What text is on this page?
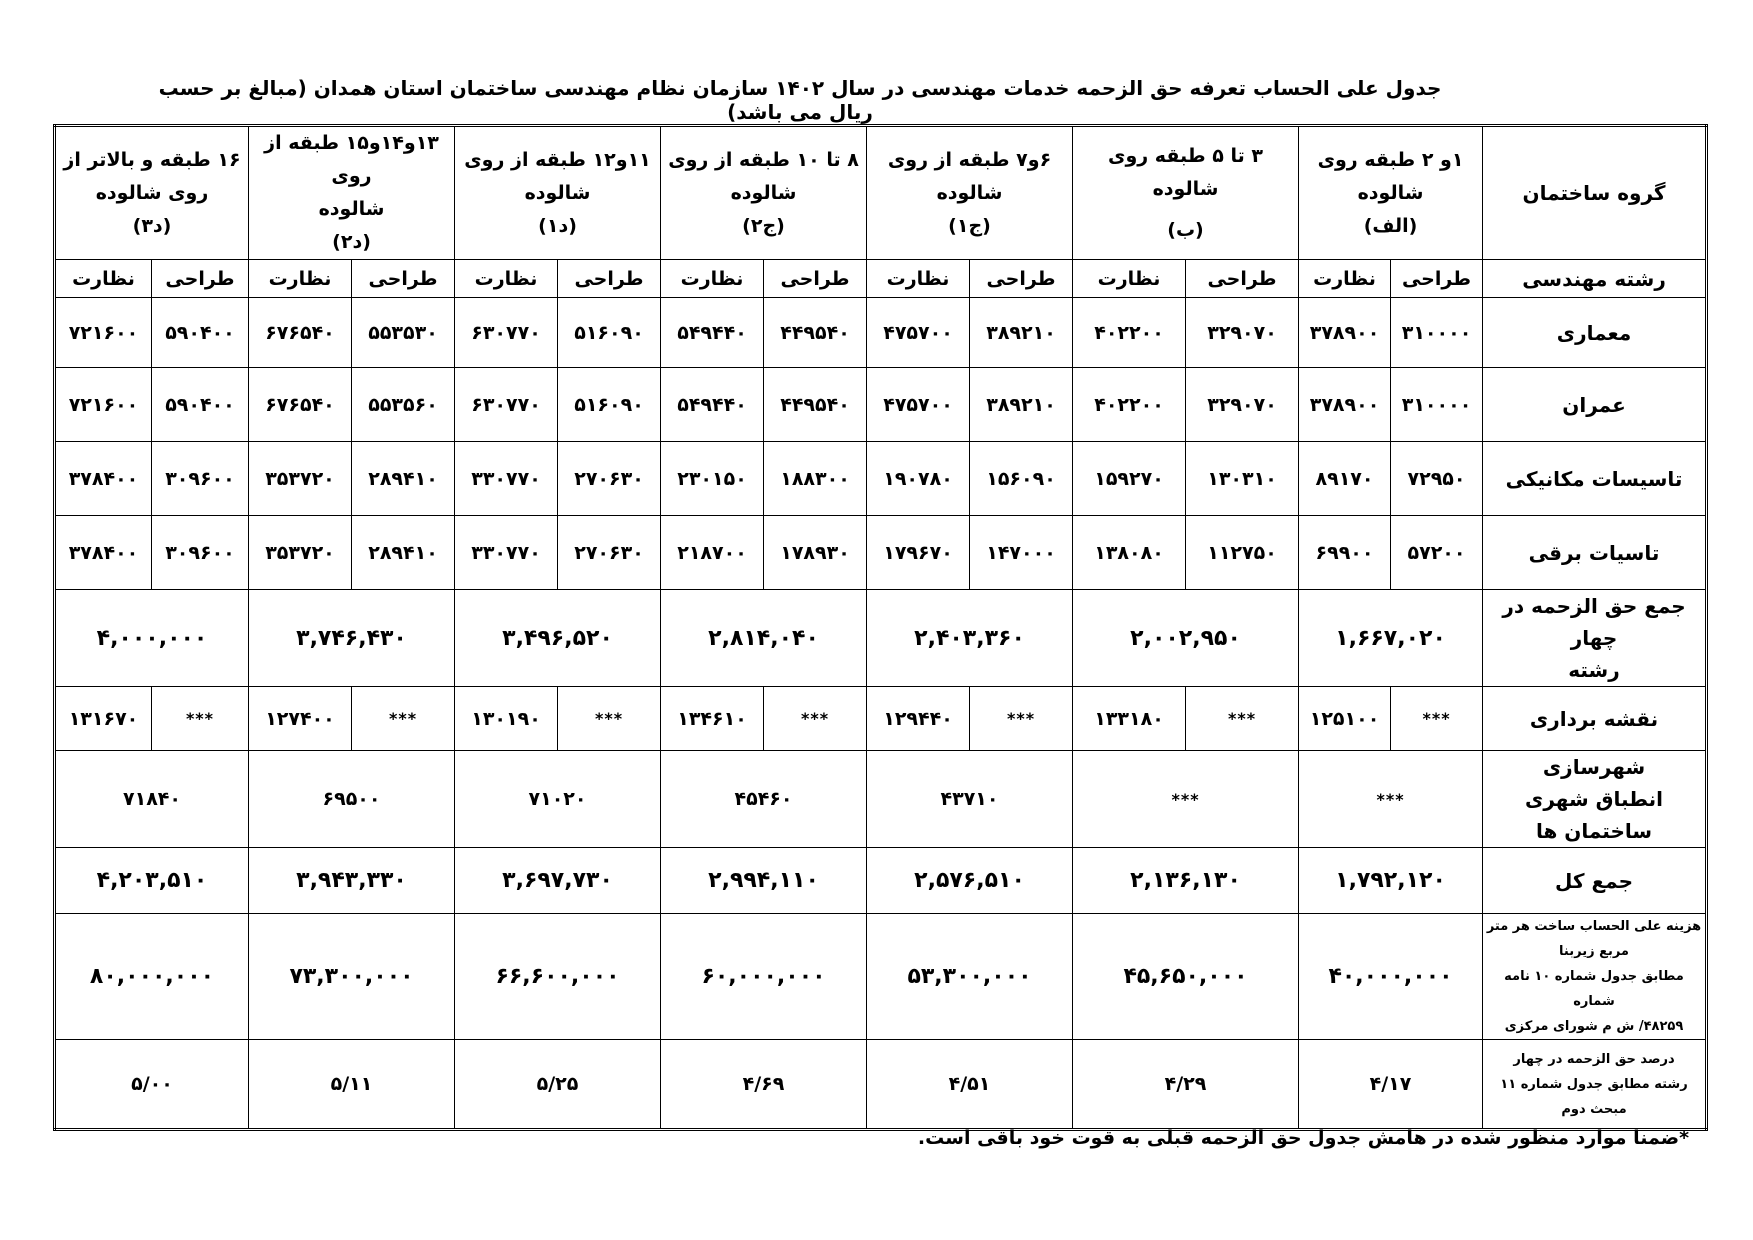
جدول علی الحساب تعرفه حق الزحمه خدمات مهندسی در سال ۱۴۰۲ سازمان نظام مهندسی ساختمان استان همدان (مبالغ بر حسب ریال می باشد)
گروه ساختمان	۱و ۲ طبقه روی
شالوده
(الف)		۳ تا ۵ طبقه روی شالوده
(ب)		۶و۷ طبقه از روی
شالوده
(ج۱)		۸ تا ۱۰ طبقه از روی
شالوده
(ج۲)		۱۱و۱۲ طبقه از روی
شالوده
(د۱)		۱۳و۱۴و۱۵ طبقه از روی
شالوده
(د۲)		۱۶ طبقه و بالاتر از
روی شالوده
(د۳)	

رشته مهندسی	طراحی	نظارت	طراحی	نظارت	طراحی	نظارت	طراحی	نظارت	طراحی	نظارت	طراحی	نظارت	طراحی	نظارت
معماری	۳۱۰۰۰۰	۳۷۸۹۰۰	۳۲۹۰۷۰	۴۰۲۲۰۰	۳۸۹۲۱۰	۴۷۵۷۰۰	۴۴۹۵۴۰	۵۴۹۴۴۰	۵۱۶۰۹۰	۶۳۰۷۷۰	۵۵۳۵۳۰	۶۷۶۵۴۰	۵۹۰۴۰۰	۷۲۱۶۰۰
عمران	۳۱۰۰۰۰	۳۷۸۹۰۰	۳۲۹۰۷۰	۴۰۲۲۰۰	۳۸۹۲۱۰	۴۷۵۷۰۰	۴۴۹۵۴۰	۵۴۹۴۴۰	۵۱۶۰۹۰	۶۳۰۷۷۰	۵۵۳۵۶۰	۶۷۶۵۴۰	۵۹۰۴۰۰	۷۲۱۶۰۰
تاسیسات مکانیکی	۷۲۹۵۰	۸۹۱۷۰	۱۳۰۳۱۰	۱۵۹۲۷۰	۱۵۶۰۹۰	۱۹۰۷۸۰	۱۸۸۳۰۰	۲۳۰۱۵۰	۲۷۰۶۳۰	۳۳۰۷۷۰	۲۸۹۴۱۰	۳۵۳۷۲۰	۳۰۹۶۰۰	۳۷۸۴۰۰
تاسیات برقی	۵۷۲۰۰	۶۹۹۰۰	۱۱۲۷۵۰	۱۳۸۰۸۰	۱۴۷۰۰۰	۱۷۹۶۷۰	۱۷۸۹۳۰	۲۱۸۷۰۰	۲۷۰۶۳۰	۳۳۰۷۷۰	۲۸۹۴۱۰	۳۵۳۷۲۰	۳۰۹۶۰۰	۳۷۸۴۰۰

جمع حق الزحمه در چهار
رشته	۱,۶۶۷,۰۲۰		۲,۰۰۲,۹۵۰		۲,۴۰۳,۳۶۰		۲,۸۱۴,۰۴۰		۳,۴۹۶,۵۲۰		۳,۷۴۶,۴۳۰		۴,۰۰۰,۰۰۰	
نقشه برداری	***	۱۲۵۱۰۰	***	۱۳۳۱۸۰	***	۱۲۹۴۴۰	***	۱۳۴۶۱۰	***	۱۳۰۱۹۰	***	۱۲۷۴۰۰	***	۱۳۱۶۷۰

شهرسازی
انطباق شهری ساختمان ها	***		***		۴۳۷۱۰		۴۵۴۶۰		۷۱۰۲۰		۶۹۵۰۰		۷۱۸۴۰	
جمع کل	۱,۷۹۲,۱۲۰		۲,۱۳۶,۱۳۰		۲,۵۷۶,۵۱۰		۲,۹۹۴,۱۱۰		۳,۶۹۷,۷۳۰		۳,۹۴۳,۳۳۰		۴,۲۰۳,۵۱۰	

هزینه علی الحساب ساخت هر متر
مربع زیربنا
مطابق جدول شماره ۱۰ نامه شماره
۴۸۲۵۹/ ش م شورای مرکزی	۴۰,۰۰۰,۰۰۰		۴۵,۶۵۰,۰۰۰		۵۳,۳۰۰,۰۰۰		۶۰,۰۰۰,۰۰۰		۶۶,۶۰۰,۰۰۰		۷۳,۳۰۰,۰۰۰		۸۰,۰۰۰,۰۰۰	

درصد حق الزحمه در چهار
رشته مطابق جدول شماره ۱۱
مبحث دوم	۴/۱۷		۴/۲۹		۴/۵۱		۴/۶۹		۵/۲۵		۵/۱۱		۵/۰۰	
*ضمنا موارد منظور شده در هامش جدول حق الزحمه قبلی به قوت خود باقی است.
